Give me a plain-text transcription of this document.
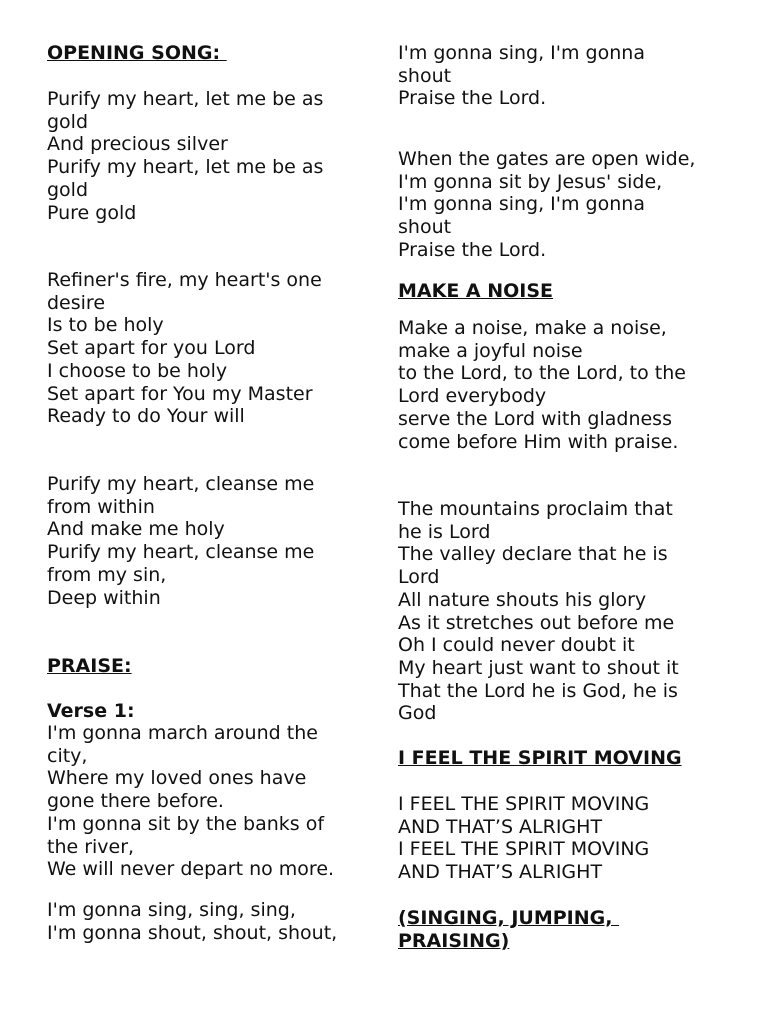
OPENING SONG:

Purify my heart, let me be as
gold
And precious silver
Purify my heart, let me be as
gold
Pure gold

Refiner's fire, my heart's one
desire
Is to be holy
Set apart for you Lord
I choose to be holy
Set apart for You my Master
Ready to do Your will

Purify my heart, cleanse me
from within
And make me holy
Purify my heart, cleanse me
from my sin,
Deep within

PRAISE:

Verse 1:

I'm gonna march around the
city,
Where my loved ones have
gone there before.
I'm gonna sit by the banks of
the river,
We will never depart no more.

I'm gonna sing, sing, sing,
I'm gonna shout, shout, shout,

I'm gonna sing, I'm gonna
shout
Praise the Lord.

When the gates are open wide,
I'm gonna sit by Jesus' side,
I'm gonna sing, I'm gonna
shout
Praise the Lord.

MAKE A NOISE

Make a noise, make a noise,
make a joyful noise
to the Lord, to the Lord, to the
Lord everybody
serve the Lord with gladness
come before Him with praise.

The mountains proclaim that
he is Lord
The valley declare that he is
Lord
All nature shouts his glory
As it stretches out before me
Oh I could never doubt it
My heart just want to shout it
That the Lord he is God, he is
God

I FEEL THE SPIRIT MOVING

I FEEL THE SPIRIT MOVING
AND THAT’S ALRIGHT
I FEEL THE SPIRIT MOVING
AND THAT’S ALRIGHT

(SINGING, JUMPING,
PRAISING)
